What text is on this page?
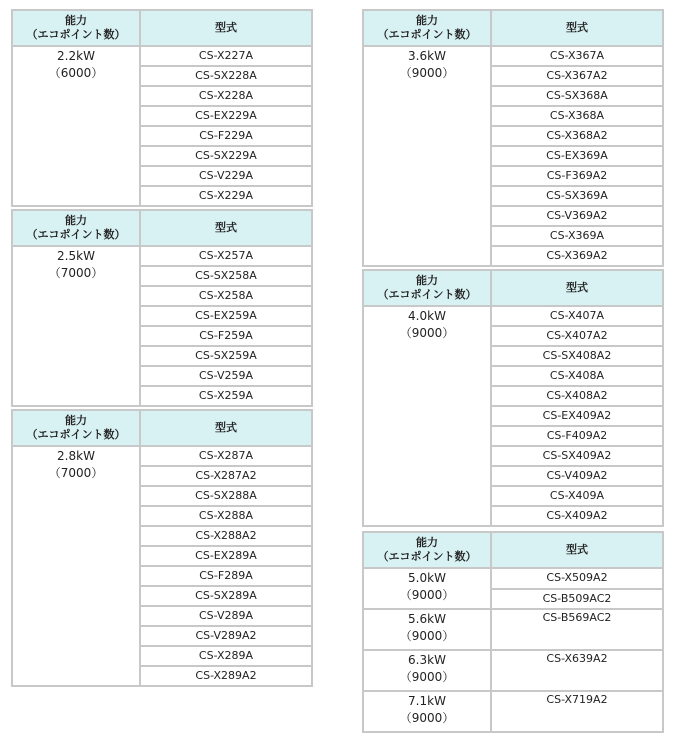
能力
（エコポイント数）	型式

2.2kW
（6000）	CS-X227A
	CS-SX228A
	CS-X228A
	CS-EX229A
	CS-F229A
	CS-SX229A
	CS-V229A
	CS-X229A
能力
（エコポイント数）	型式

2.5kW
（7000）	CS-X257A
	CS-SX258A
	CS-X258A
	CS-EX259A
	CS-F259A
	CS-SX259A
	CS-V259A
	CS-X259A
能力
（エコポイント数）	型式

2.8kW
（7000）	CS-X287A
	CS-X287A2
	CS-SX288A
	CS-X288A
	CS-X288A2
	CS-EX289A
	CS-F289A
	CS-SX289A
	CS-V289A
	CS-V289A2
	CS-X289A
	CS-X289A2
能力
（エコポイント数）	型式

3.6kW
（9000）	CS-X367A
	CS-X367A2
	CS-SX368A
	CS-X368A
	CS-X368A2
	CS-EX369A
	CS-F369A2
	CS-SX369A
	CS-V369A2
	CS-X369A
	CS-X369A2
能力
（エコポイント数）	型式

4.0kW
（9000）	CS-X407A
	CS-X407A2
	CS-SX408A2
	CS-X408A
	CS-X408A2
	CS-EX409A2
	CS-F409A2
	CS-SX409A2
	CS-V409A2
	CS-X409A
	CS-X409A2
能力
（エコポイント数）	型式

5.0kW
（9000）	CS-X509A2
	CS-B509AC2

5.6kW
（9000）	CS-B569AC2

6.3kW
（9000）	CS-X639A2

7.1kW
（9000）	CS-X719A2
